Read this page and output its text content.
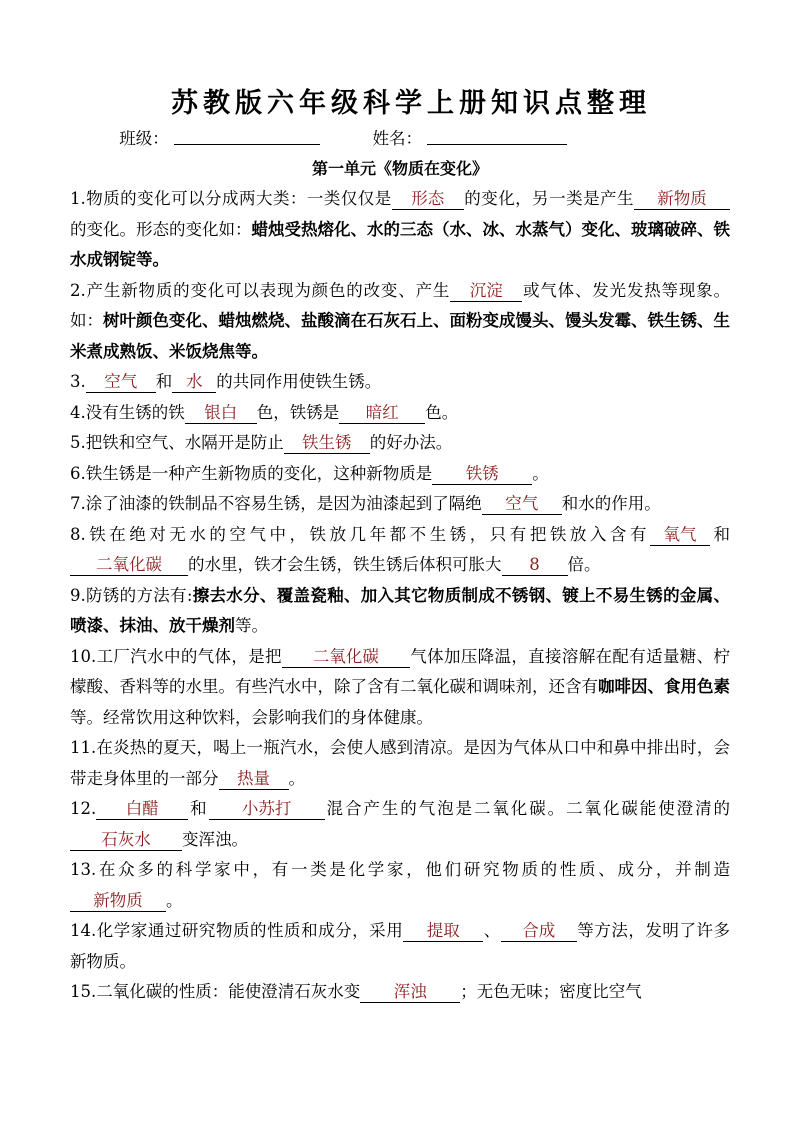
苏教版六年级科学上册知识点整理
班级：	姓名：
第一单元《物质在变化》

1.物质的变化可以分成两大类：一类仅仅是 形态 的变化，另一类是产生 新物质的变化。形态的变化如：蜡烛受热熔化、水的三态（水、冰、水蒸气）变化、玻璃破碎、铁水成钢锭等。

2.产生新物质的变化可以表现为颜色的改变、产生 沉淀 或气体、发光发热等现象。如：树叶颜色变化、蜡烛燃烧、盐酸滴在石灰石上、面粉变成馒头、馒头发霉、铁生锈、生米煮成熟饭、米饭烧焦等。

3. 空气 和 水 的共同作用使铁生锈。

4.没有生锈的铁 银白 色，铁锈是 暗红 色。

5.把铁和空气、水隔开是防止 铁生锈 的好办法。

6.铁生锈是一种产生新物质的变化，这种新物质是 铁锈 。

7.涂了油漆的铁制品不容易生锈，是因为油漆起到了隔绝 空气 和水的作用。

8.铁在绝对无水的空气中，铁放几年都不生锈，只有把铁放入含有 氧气 和二氧化碳 的水里，铁才会生锈，铁生锈后体积可胀大 8 倍。

9.防锈的方法有:擦去水分、覆盖瓷釉、加入其它物质制成不锈钢、镀上不易生锈的金属、喷漆、抹油、放干燥剂等。

10.工厂汽水中的气体，是把 二氧化碳 气体加压降温，直接溶解在配有适量糖、柠檬酸、香料等的水里。有些汽水中，除了含有二氧化碳和调味剂，还含有咖啡因、食用色素等。经常饮用这种饮料，会影响我们的身体健康。

11.在炎热的夏天，喝上一瓶汽水，会使人感到清凉。是因为气体从口中和鼻中排出时，会带走身体里的一部分 热量 。

12. 白醋 和 小苏打 混合产生的气泡是二氧化碳。二氧化碳能使澄清的石灰水 变浑浊。

13.在众多的科学家中，有一类是化学家，他们研究物质的性质、成分，并制造新物质 。

14.化学家通过研究物质的性质和成分，采用 提取 、 合成 等方法，发明了许多新物质。

15.二氧化碳的性质：能使澄清石灰水变 浑浊 ；无色无味；密度比空气
